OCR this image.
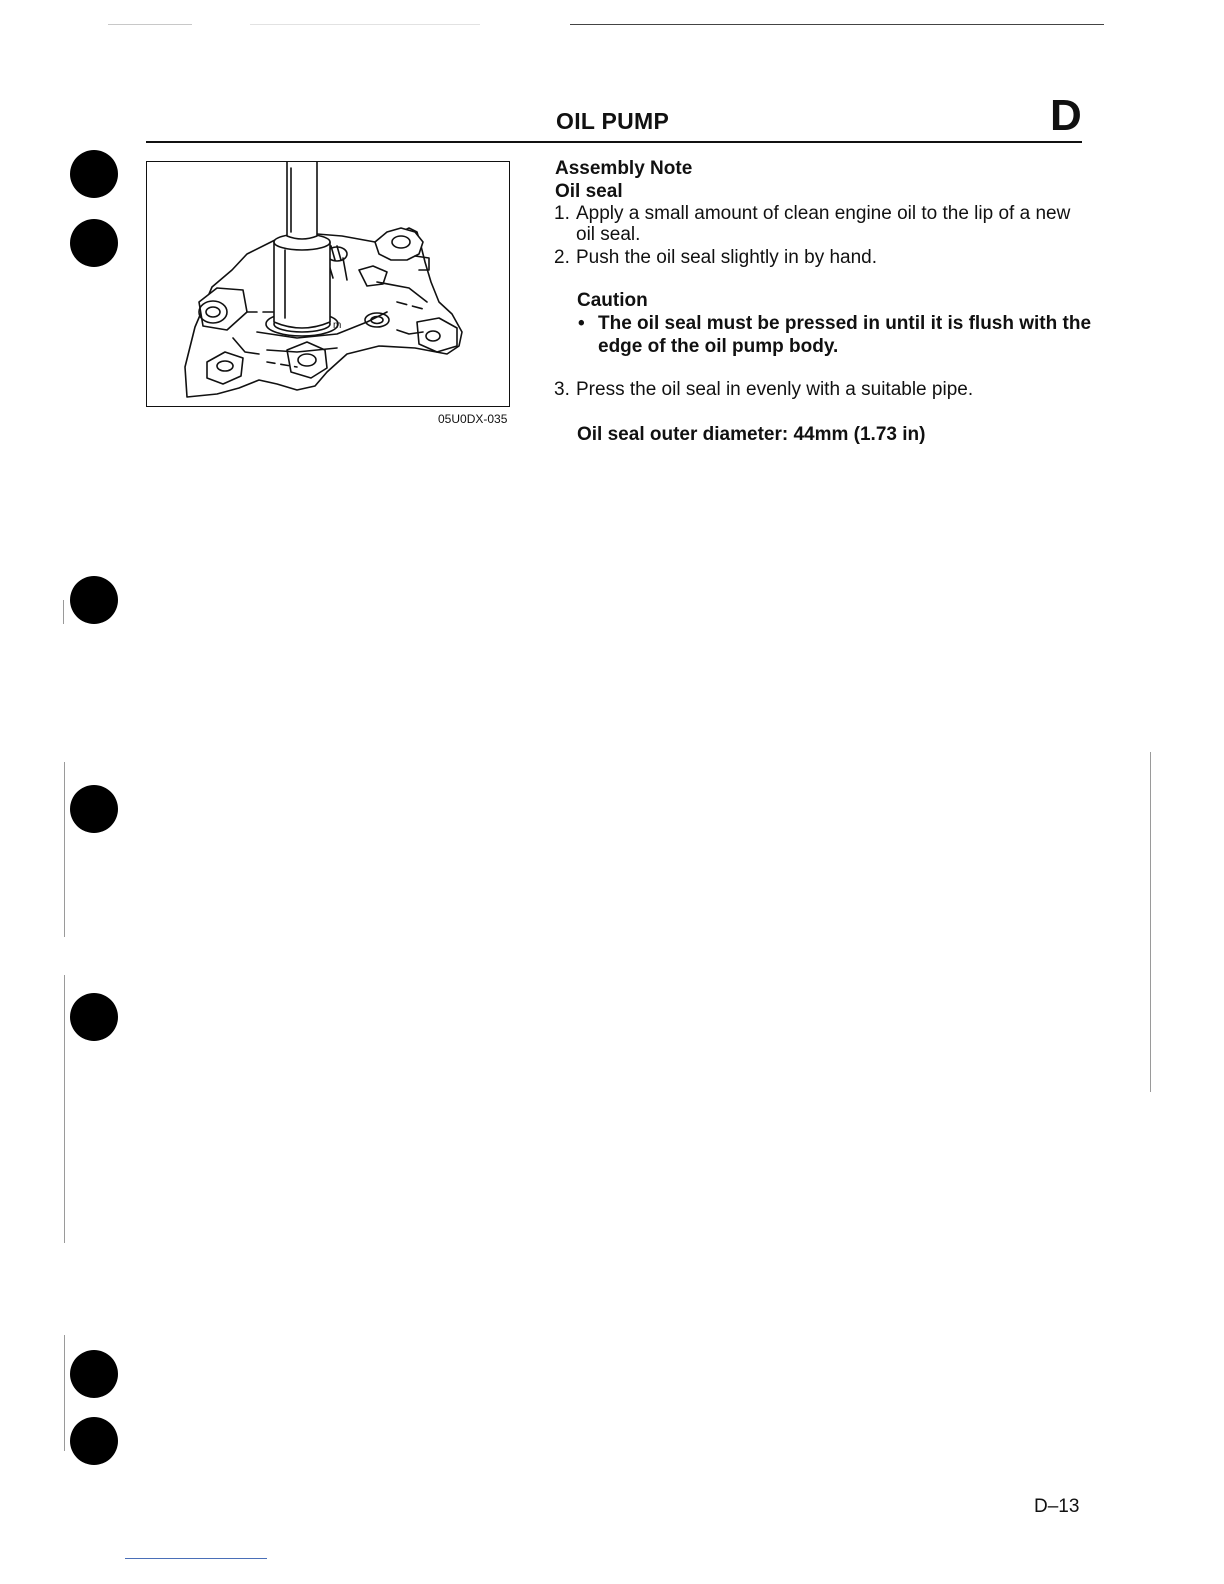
OIL PUMP	D
m
05U0DX-035
Assembly Note
Oil seal
1. Apply a small amount of clean engine oil to the lip of a new oil seal.
2. Push the oil seal slightly in by hand.
Caution
• The oil seal must be pressed in until it is flush with the edge of the oil pump body.
3. Press the oil seal in evenly with a suitable pipe.
Oil seal outer diameter: 44mm (1.73 in)
D–13
